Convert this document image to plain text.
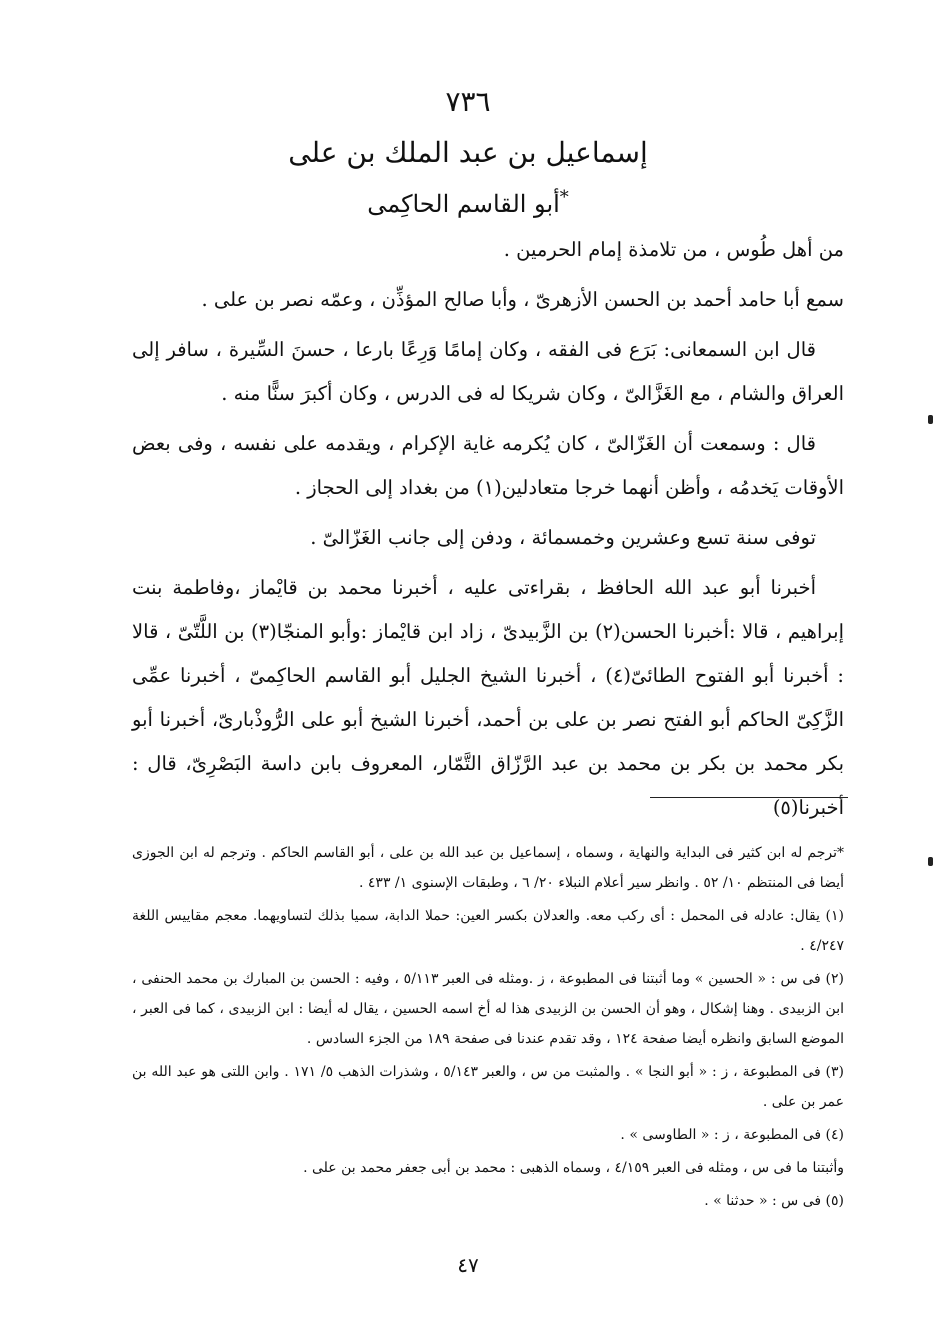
٧٣٦
إسماعيل بن عبد الملك بن على
أبو القاسم الحاكِمى*

من أهل طُوس ، من تلامذة إمام الحرمين .

سمع أبا حامد أحمد بن الحسن الأزهرىّ ، وأبا صالح المؤذِّن ، وعمّه نصر بن على .

قال ابن السمعانى: بَرَع فى الفقه ، وكان إمامًا وَرِعًا بارعا ، حسنَ السِّيرة ، سافر إلى العراق والشام ، مع الغَزَّالىّ ، وكان شريكا له فى الدرس ، وكان أكبرَ سنًّا منه .

قال : وسمعت أن الغَزّالىّ ، كان يُكرمه غاية الإكرام ، ويقدمه على نفسه ، وفى بعض الأوقات يَخدمُه ، وأظن أنهما خرجا متعادلين(١) من بغداد إلى الحجاز .

توفى سنة تسع وعشرين وخمسمائة ، ودفن إلى جانب الغَزّالىّ .

أخبرنا أبو عبد الله الحافظ ، بقراءتى عليه ، أخبرنا محمد بن قايْماز ،وفاطمة بنت إبراهيم ، قالا :أخبرنا الحسن(٢) بن الزَّبيدىّ ، زاد ابن قايْماز :وأبو المنجّا(٣) بن اللَّتّىّ ، قالا : أخبرنا أبو الفتوح الطائىّ(٤) ، أخبرنا الشيخ الجليل أبو القاسم الحاكِمىّ ، أخبرنا عمِّى الزَّكِىّ الحاكم أبو الفتح نصر بن على بن أحمد، أخبرنا الشيخ أبو على الرُّوذْبارىّ، أخبرنا أبو بكر محمد بن بكر بن محمد بن عبد الرَّزّاق التَّمّار، المعروف بابن داسة البَصْرِىّ، قال : أخبرنا(٥)

*ترجم له ابن كثير فى البداية والنهاية ، وسماه ، إسماعيل بن عبد الله بن على ، أبو القاسم الحاكم . وترجم له ابن الجوزى أيضا فى المنتظم ١٠/ ٥٢ . وانظر سير أعلام النبلاء ٢٠/ ٦ ، وطبقات الإسنوى ١/ ٤٣٣ .

(١) يقال: عادله فى المحمل : أى ركب معه. والعدلان بكسر العين: حملا الدابة، سميا بذلك لتساويهما. معجم مقاييس اللغة ٤/٢٤٧ .

(٢) فى س : « الحسين » وما أثبتنا فى المطبوعة ، ز .ومثله فى العبر ٥/١١٣ ، وفيه : الحسن بن المبارك بن محمد الحنفى ، ابن الزبيدى . وهنا إشكال ، وهو أن الحسن بن الزبيدى هذا له أخ اسمه الحسين ، يقال له أيضا : ابن الزبيدى ، كما فى العبر ، الموضع السابق وانظره أيضا صفحة ١٢٤ ، وقد تقدم عندنا فى صفحة ١٨٩ من الجزء السادس .

(٣) فى المطبوعة ، ز : « أبو النجا » . والمثبت من س ، والعبر ٥/١٤٣ ، وشذرات الذهب ٥/ ١٧١ . وابن اللتى هو عبد الله بن عمر بن على .

(٤) فى المطبوعة ، ز : « الطاوسى » .

وأثبتنا ما فى س ، ومثله فى العبر ٤/١٥٩ ، وسماه الذهبى : محمد بن أبى جعفر محمد بن على .

(٥) فى س : « حدثنا » .

٤٧
